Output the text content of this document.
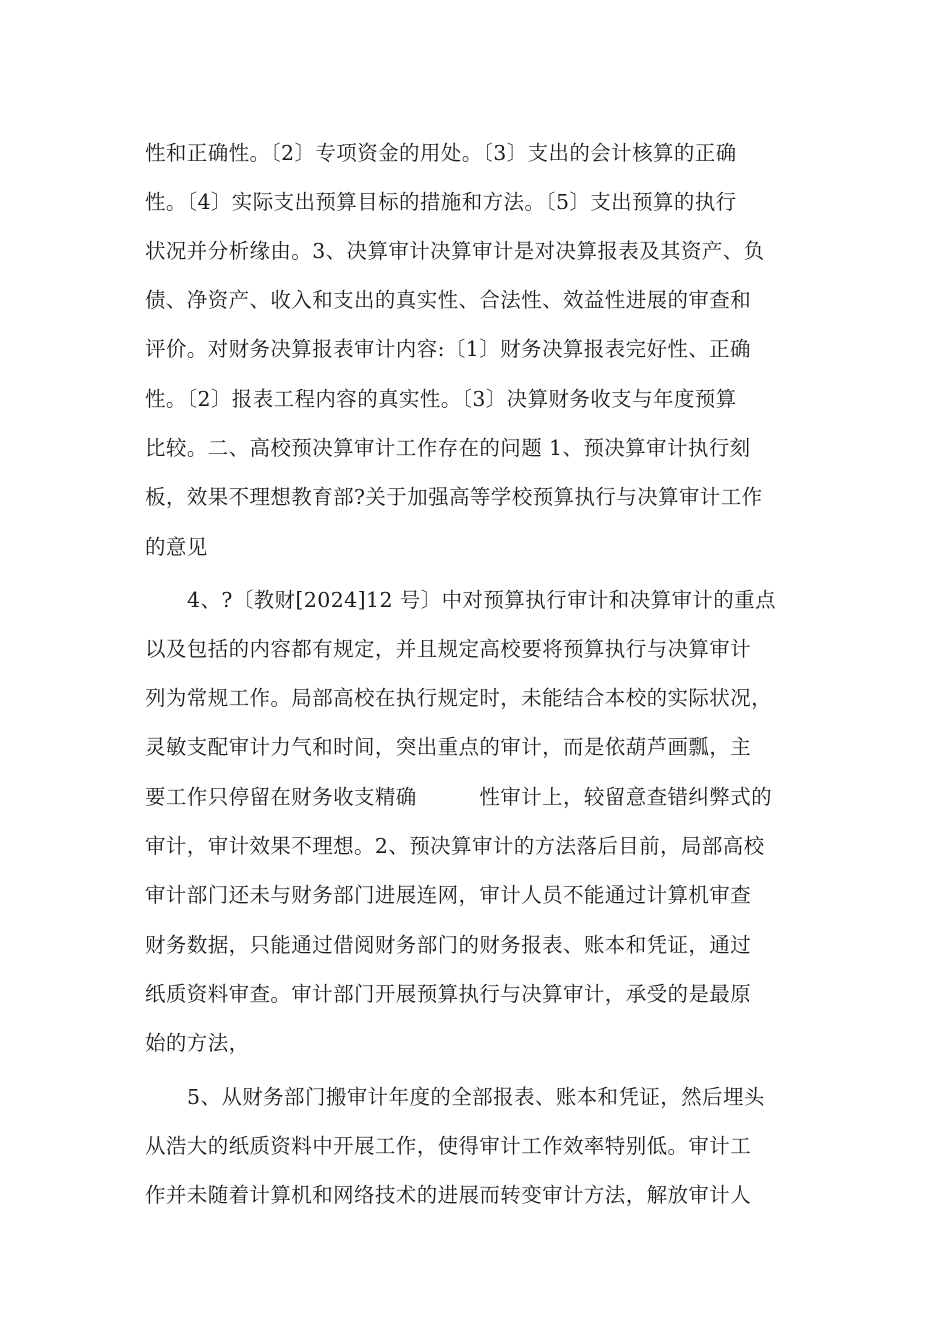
性和正确性。〔2〕专项资金的用处。〔3〕支出的会计核算的正确
性。〔4〕实际支出预算目标的措施和方法。〔5〕支出预算的执行
状况并分析缘由。3、决算审计决算审计是对决算报表及其资产、负
债、净资产、收入和支出的真实性、合法性、效益性进展的审查和
评价。对财务决算报表审计内容:〔1〕财务决算报表完好性、正确
性。〔2〕报表工程内容的真实性。〔3〕决算财务收支与年度预算
比较。二、高校预决算审计工作存在的问题 1、预决算审计执行刻
板，效果不理想教育部?关于加强高等学校预算执行与决算审计工作
的意见
4、?〔教财[2024]12 号〕中对预算执行审计和决算审计的重点
以及包括的内容都有规定，并且规定高校要将预算执行与决算审计
列为常规工作。局部高校在执行规定时，未能结合本校的实际状况，
灵敏支配审计力气和时间，突出重点的审计，而是依葫芦画瓢，主
要工作只停留在财务收支精确　　　性审计上，较留意查错纠弊式的
审计，审计效果不理想。2、预决算审计的方法落后目前，局部高校
审计部门还未与财务部门进展连网，审计人员不能通过计算机审查
财务数据，只能通过借阅财务部门的财务报表、账本和凭证，通过
纸质资料审查。审计部门开展预算执行与决算审计，承受的是最原
始的方法，
5、从财务部门搬审计年度的全部报表、账本和凭证，然后埋头
从浩大的纸质资料中开展工作，使得审计工作效率特别低。审计工
作并未随着计算机和网络技术的进展而转变审计方法，解放审计人
